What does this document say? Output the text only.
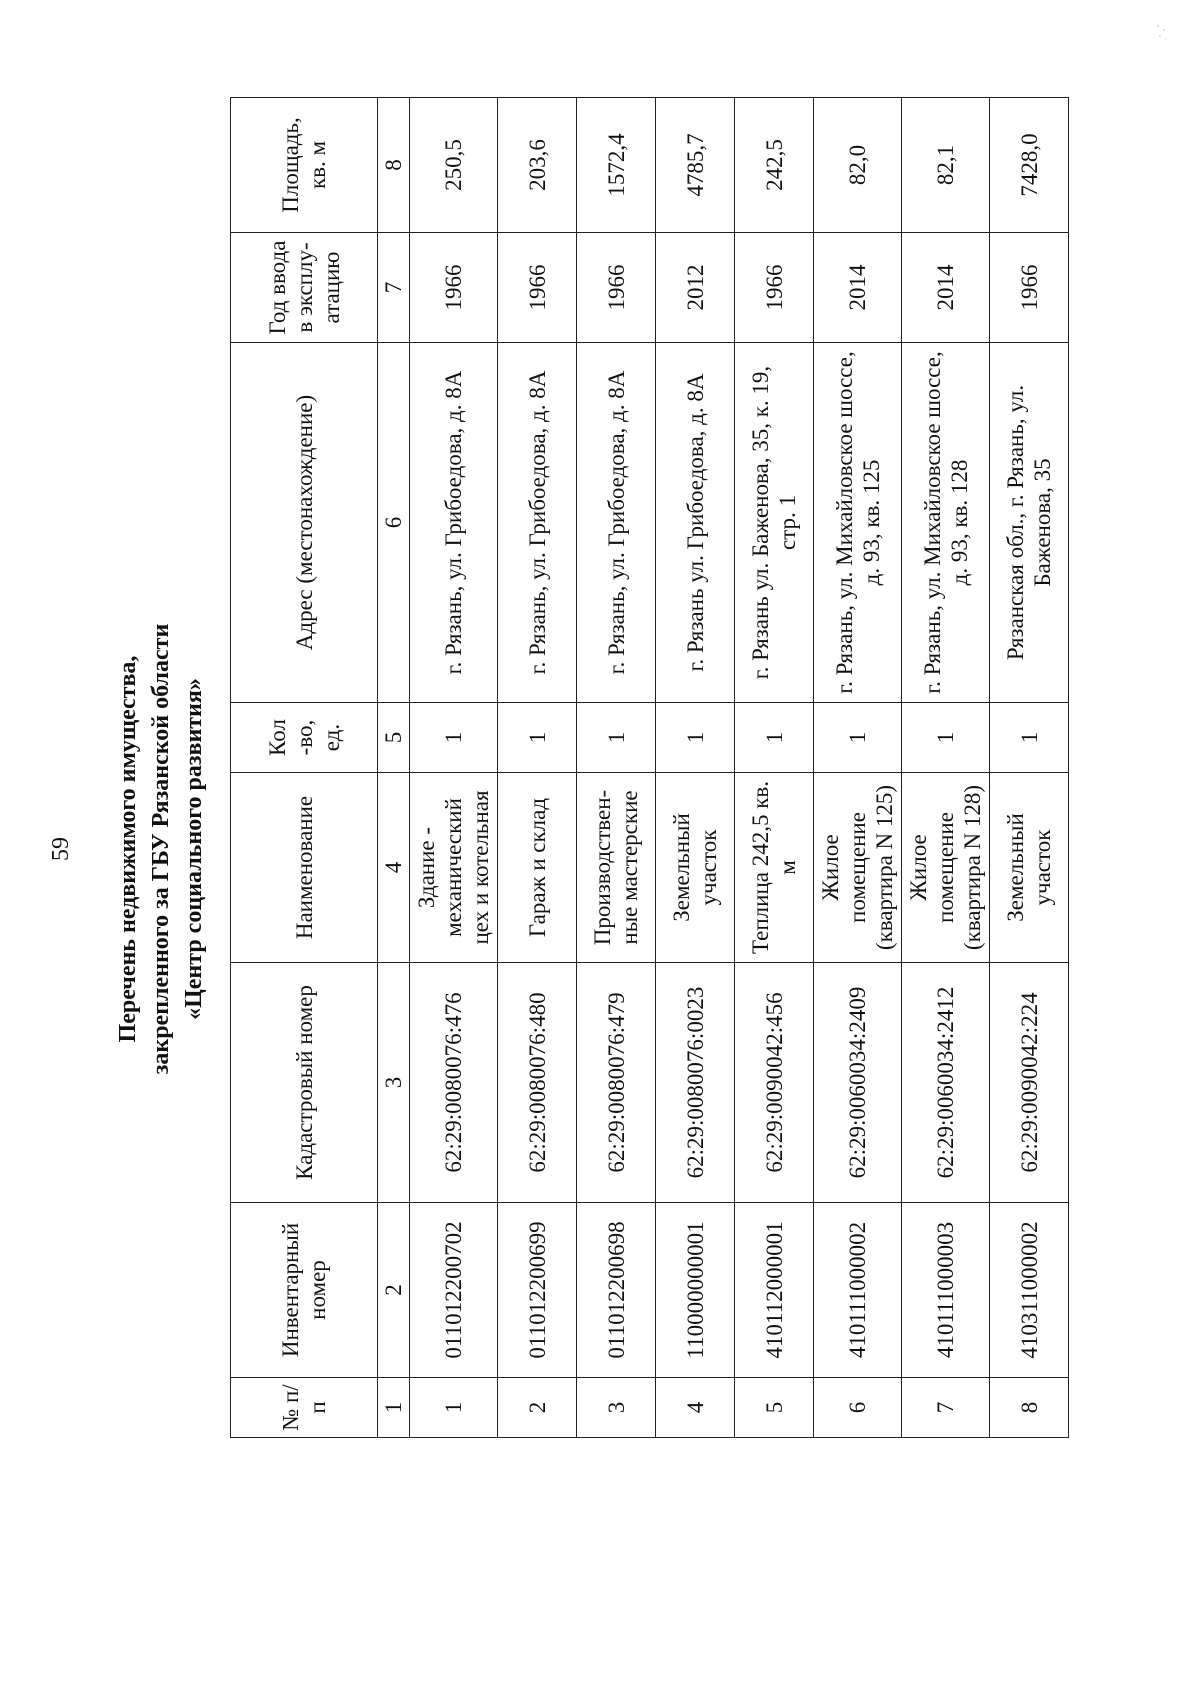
59 Перечень недвижимого имущества, закрепленного за ГБУ Рязанской области «Центр социального развития»
№ п/п	Инвентарный номер	Кадастровый номер	Наименование	Кол -во, ед.	Адрес (местонахождение)	Год ввода в эксплу- атацию	Площадь, кв. м
1	2	3	4	5	6	7	8
1	011012200702	62:29:0080076:476	Здание - механический цех и котельная	1	г. Рязань, ул. Грибоедова, д. 8А	1966	250,5
2	011012200699	62:29:0080076:480	Гараж и склад	1	г. Рязань, ул. Грибоедова, д. 8А	1966	203,6
3	011012200698	62:29:0080076:479	Производствен- ные мастерские	1	г. Рязань, ул. Грибоедова, д. 8А	1966	1572,4
4	110000000001	62:29:0080076:0023	Земельный участок	1	г. Рязань ул. Грибоедова, д. 8А	2012	4785,7
5	410112000001	62:29:0090042:456	Теплица 242,5 кв. м	1	г. Рязань ул. Баженова, 35, к. 19, стр. 1	1966	242,5
6	410111000002	62:29:0060034:2409	Жилое помещение (квартира N 125)	1	г. Рязань, ул. Михайловское шоссе, д. 93, кв. 125	2014	82,0
7	410111000003	62:29:0060034:2412	Жилое помещение (квартира N 128)	1	г. Рязань, ул. Михайловское шоссе, д. 93, кв. 128	2014	82,1
8	410311000002	62:29:0090042:224	Земельный участок	1	Рязанская обл., г. Рязань, ул. Баженова, 35	1966	7428,0
